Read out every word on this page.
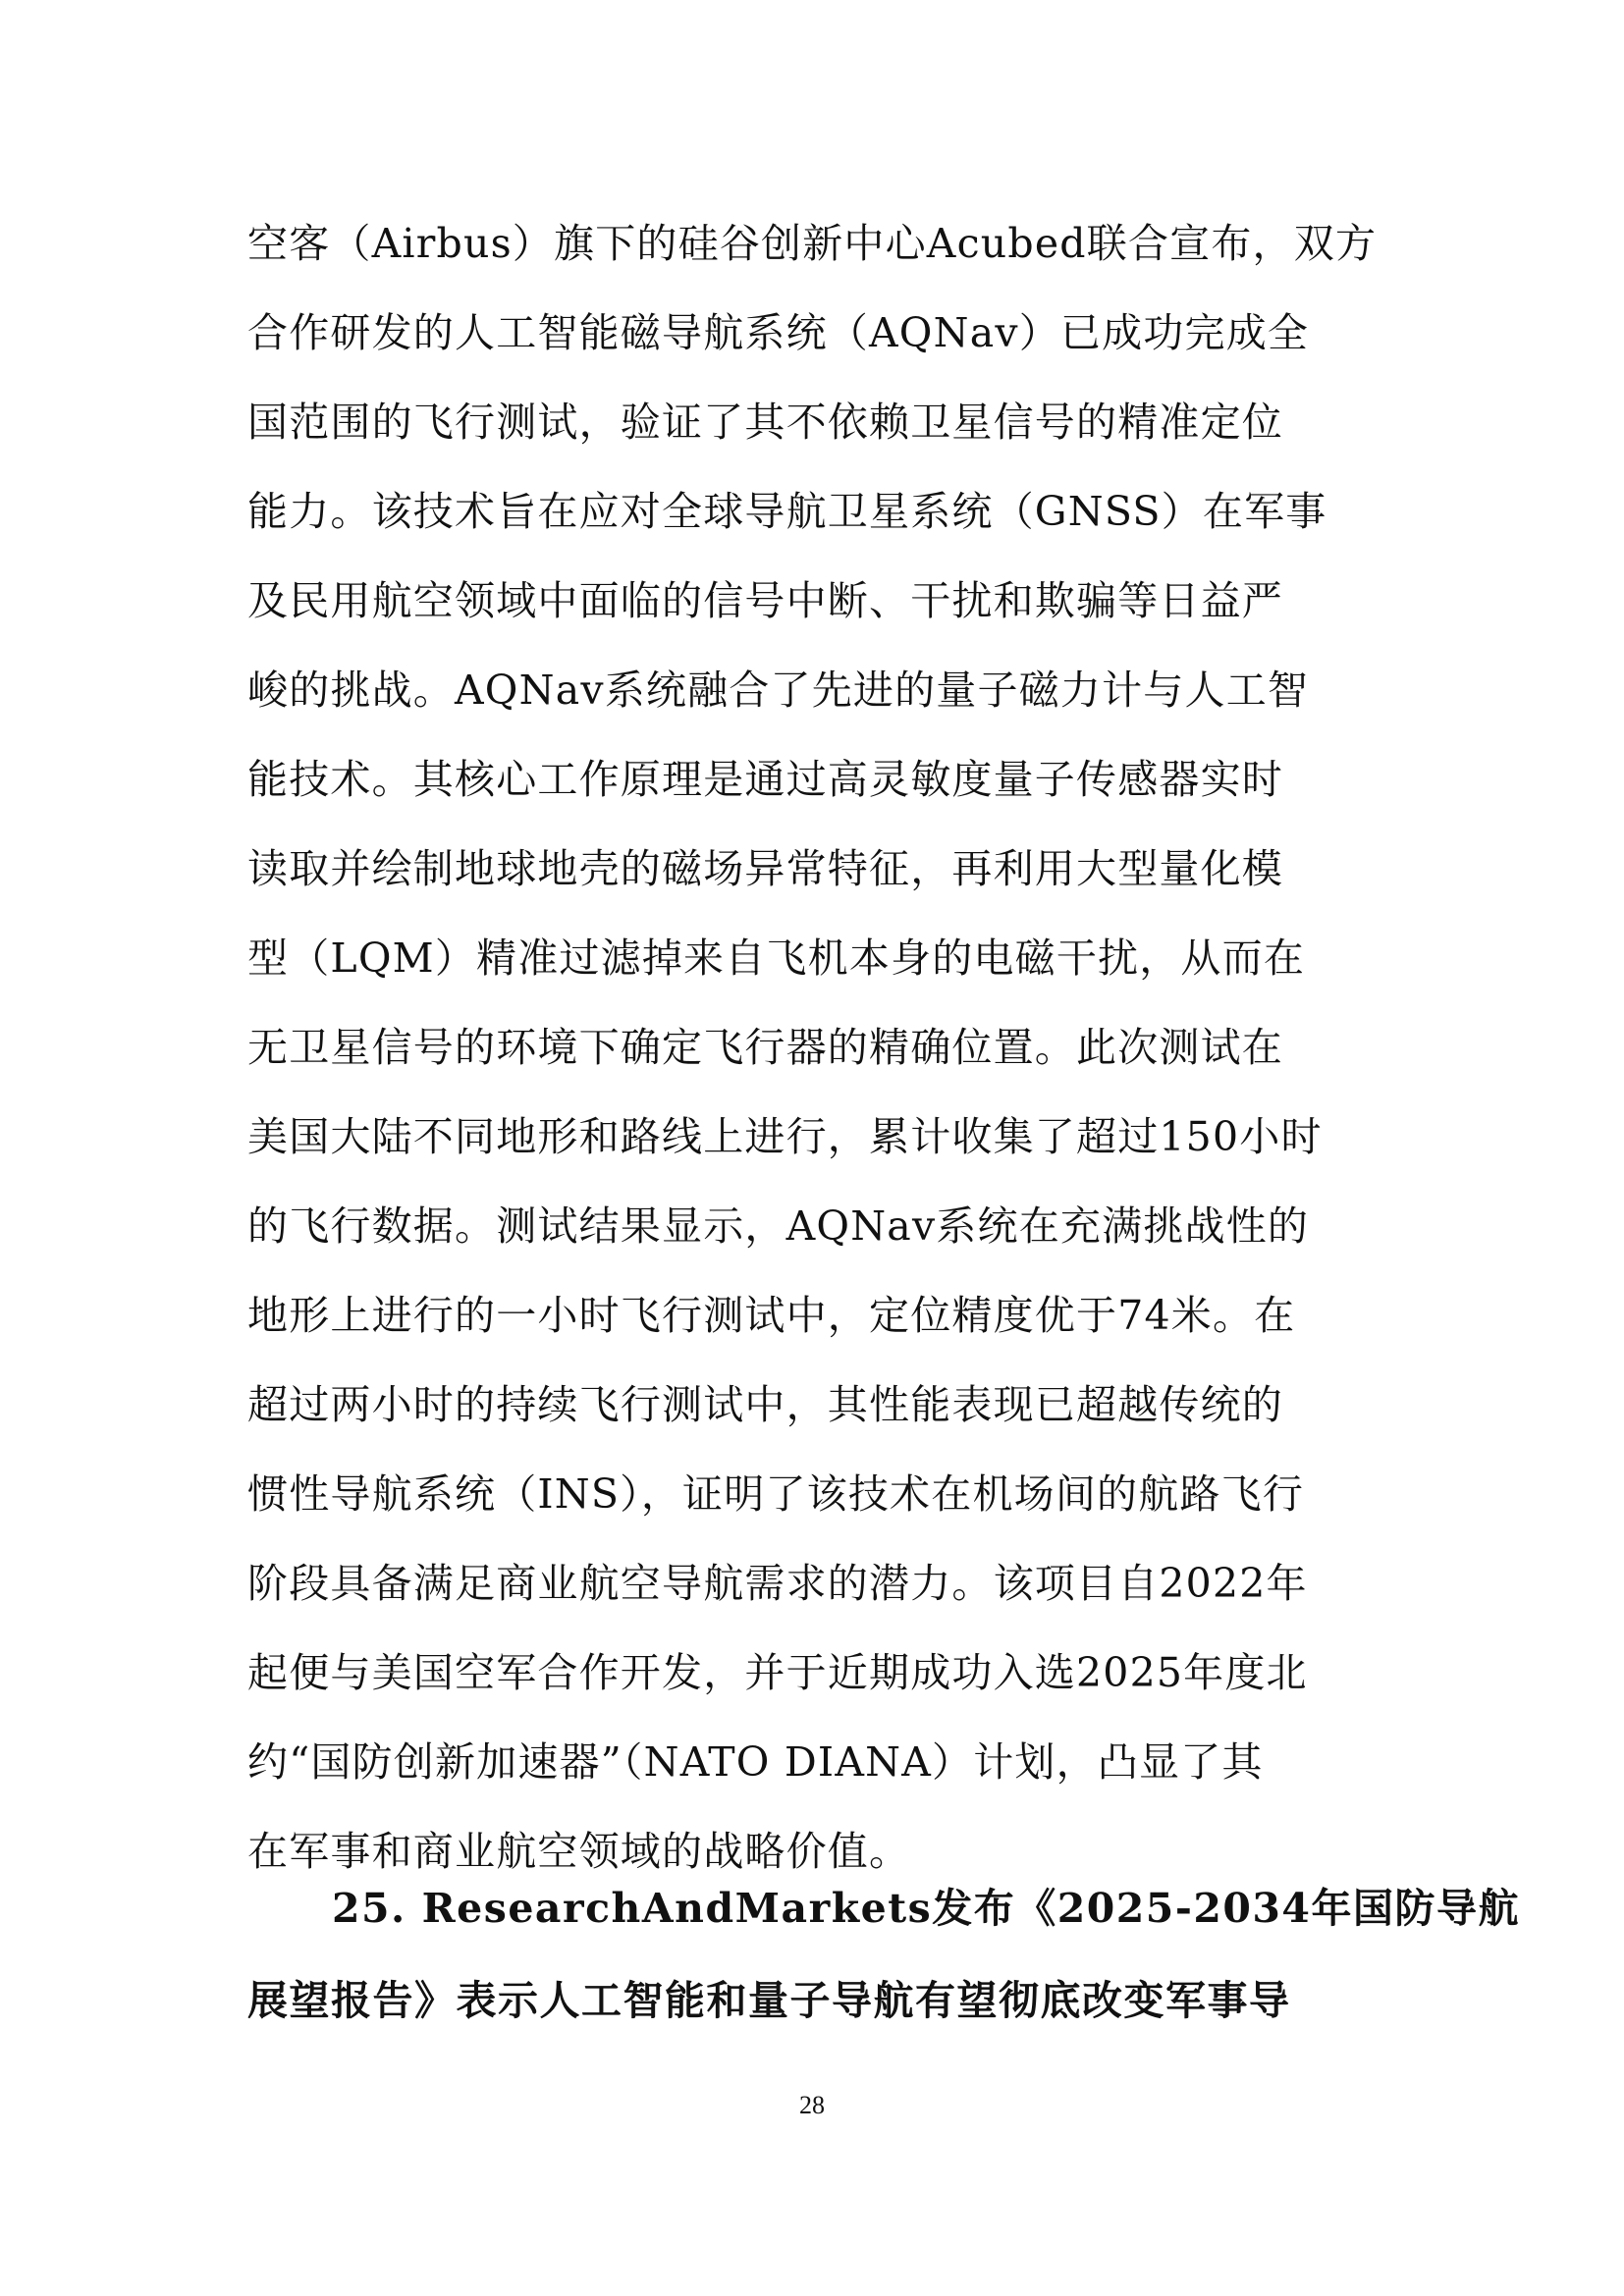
空客（Airbus）旗下的硅谷创新中心Acubed联合宣布，双方
合作研发的人工智能磁导航系统（AQNav）已成功完成全
国范围的飞行测试，验证了其不依赖卫星信号的精准定位
能力。该技术旨在应对全球导航卫星系统（GNSS）在军事
及民用航空领域中面临的信号中断、干扰和欺骗等日益严
峻的挑战。AQNav系统融合了先进的量子磁力计与人工智
能技术。其核心工作原理是通过高灵敏度量子传感器实时
读取并绘制地球地壳的磁场异常特征，再利用大型量化模
型（LQM）精准过滤掉来自飞机本身的电磁干扰，从而在
无卫星信号的环境下确定飞行器的精确位置。此次测试在
美国大陆不同地形和路线上进行，累计收集了超过150小时
的飞行数据。测试结果显示，AQNav系统在充满挑战性的
地形上进行的一小时飞行测试中，定位精度优于74米。在
超过两小时的持续飞行测试中，其性能表现已超越传统的
惯性导航系统（INS），证明了该技术在机场间的航路飞行
阶段具备满足商业航空导航需求的潜力。该项目自2022年
起便与美国空军合作开发，并于近期成功入选2025年度北
约“国防创新加速器”（NATO DIANA）计划，凸显了其
在军事和商业航空领域的战略价值。
25. ResearchAndMarkets发布《2025-2034年国防导航
展望报告》表示人工智能和量子导航有望彻底改变军事导
28
